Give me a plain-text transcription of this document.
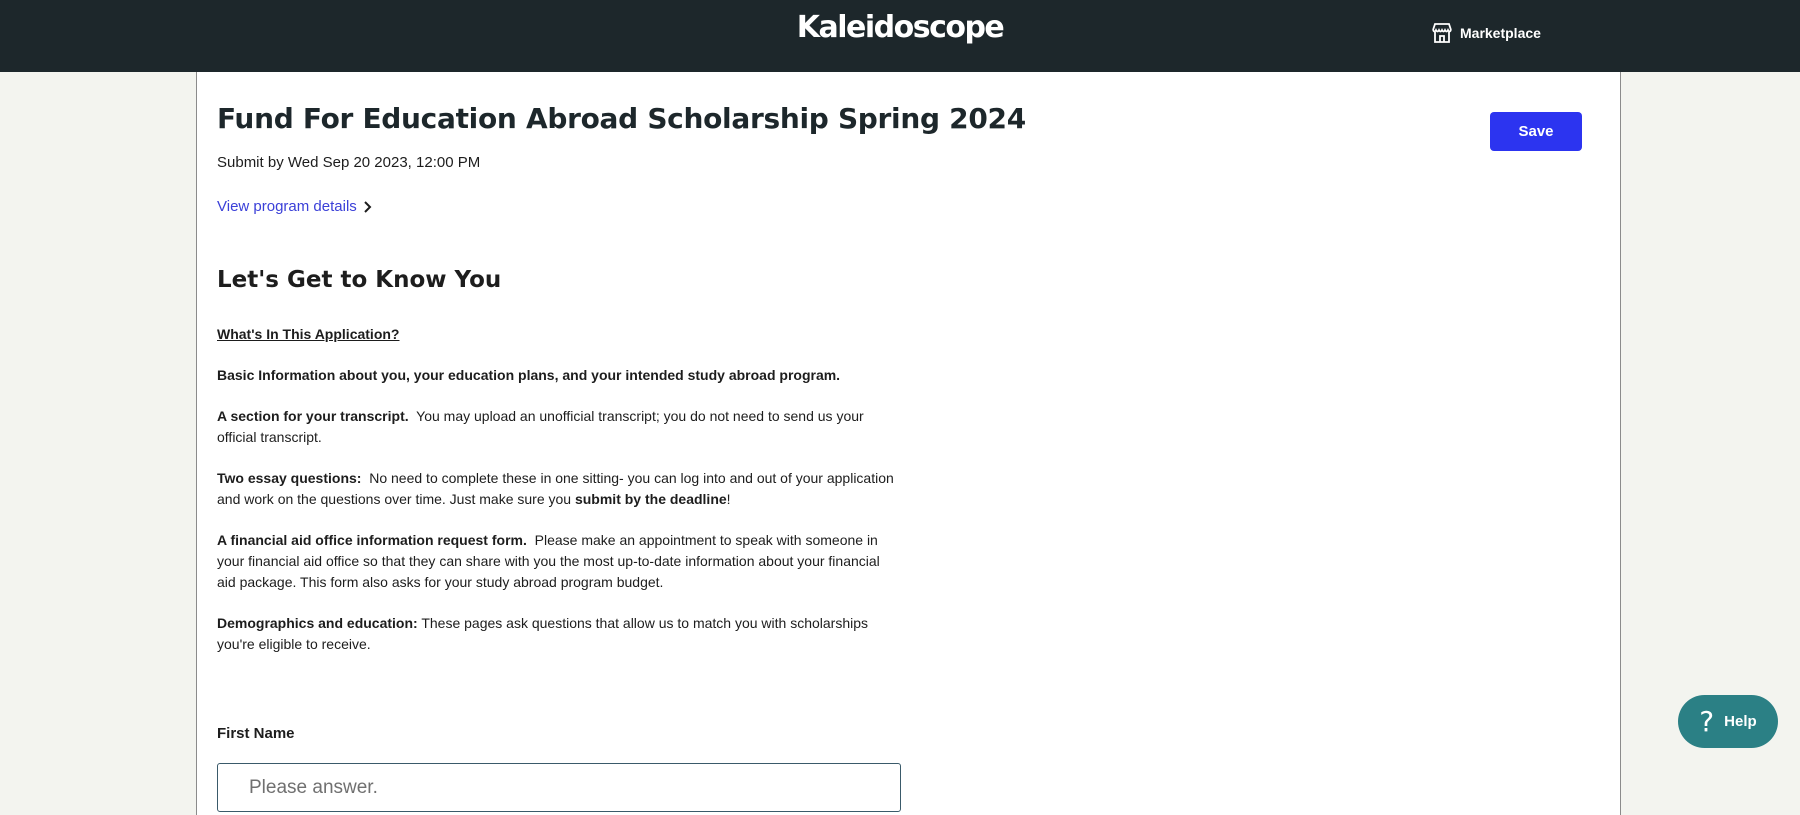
Kaleidoscope	Marketplace
Fund For Education Abroad Scholarship Spring 2024	Save
Submit by Wed Sep 20 2023, 12:00 PM
View program details
Let's Get to Know You

What's In This Application?

Basic Information about you, your education plans, and your intended study abroad program.

A section for your transcript.  You may upload an unofficial transcript; you do not need to send us your official transcript.

Two essay questions:  No need to complete these in one sitting- you can log into and out of your application and work on the questions over time. Just make sure you submit by the deadline!

A financial aid office information request form.  Please make an appointment to speak with someone in your financial aid office so that they can share with you the most up-to-date information about your financial aid package. This form also asks for your study abroad program budget.

Demographics and education: These pages ask questions that allow us to match you with scholarships you're eligible to receive.

First Name
Please answer.	? Help
